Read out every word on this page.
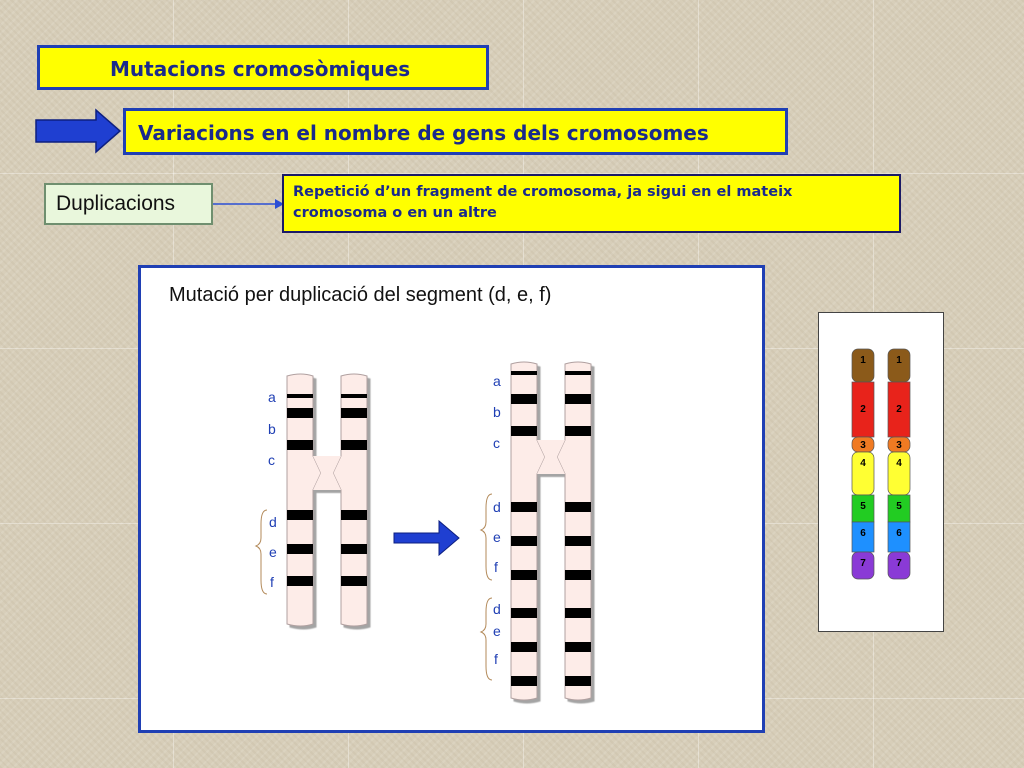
Mutacions cromosòmiques
Variacions en el nombre de gens dels cromosomes
Duplicacions	Repetició d’un fragment de cromosoma, ja sigui en el mateix cromosoma o en un altre
Mutació per duplicació del segment (d, e, f)
a
b
c
d
e
f
a
b
c
d
e
f
d
e
f
1
2
3
4
5
6
7
1
2
3
4
5
6
7
